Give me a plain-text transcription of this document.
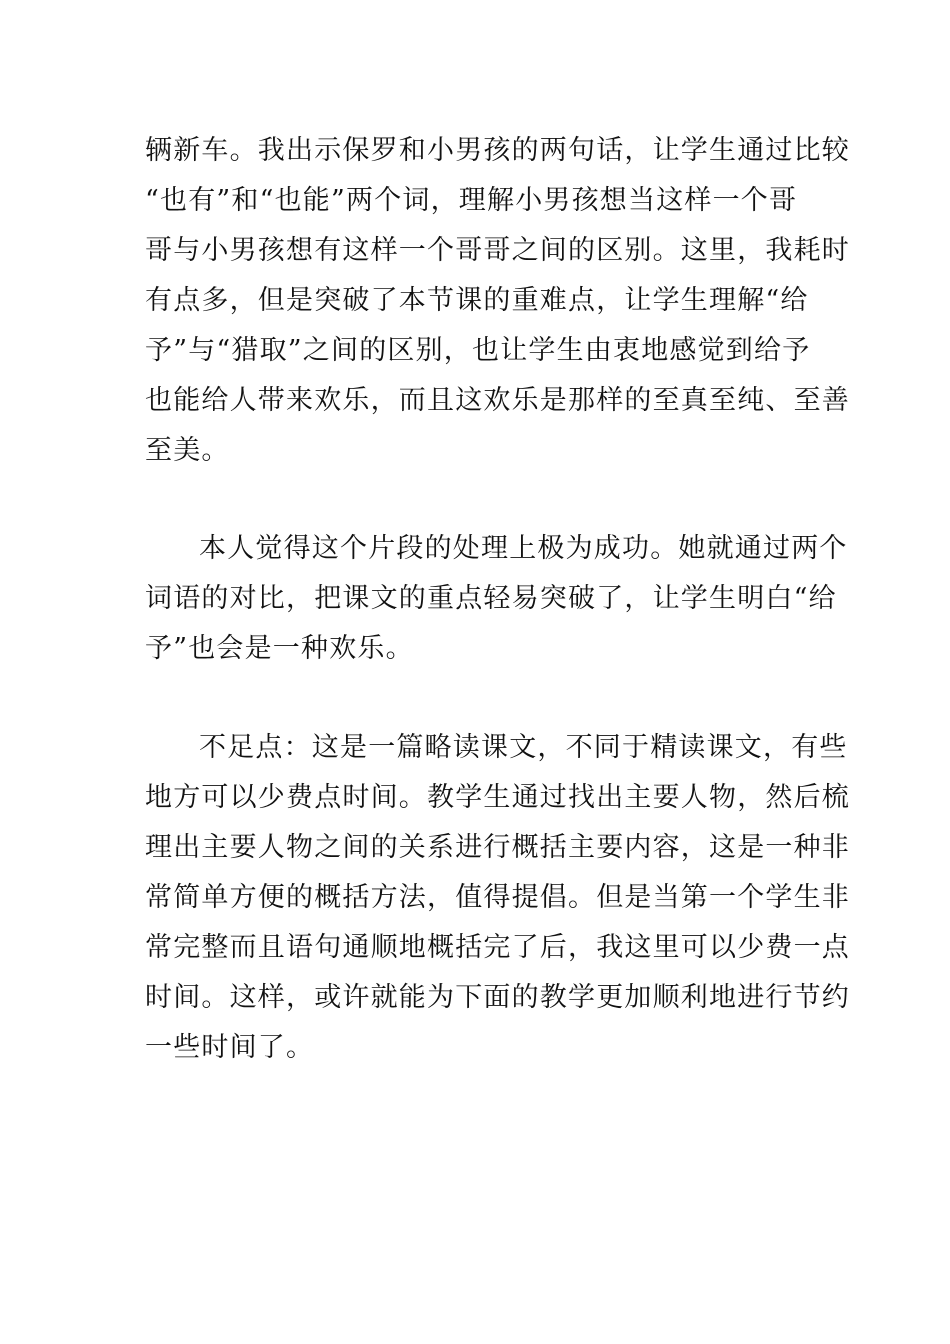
辆新车。我出示保罗和小男孩的两句话，让学生通过比较
“也有”和“也能”两个词，理解小男孩想当这样一个哥
哥与小男孩想有这样一个哥哥之间的区别。这里，我耗时
有点多，但是突破了本节课的重难点，让学生理解“给
予”与“猎取”之间的区别，也让学生由衷地感觉到给予
也能给人带来欢乐，而且这欢乐是那样的至真至纯、至善
至美。
本人觉得这个片段的处理上极为成功。她就通过两个
词语的对比，把课文的重点轻易突破了，让学生明白“给
予”也会是一种欢乐。
不足点：这是一篇略读课文，不同于精读课文，有些
地方可以少费点时间。教学生通过找出主要人物，然后梳
理出主要人物之间的关系进行概括主要内容，这是一种非
常简单方便的概括方法，值得提倡。但是当第一个学生非
常完整而且语句通顺地概括完了后，我这里可以少费一点
时间。这样，或许就能为下面的教学更加顺利地进行节约
一些时间了。
